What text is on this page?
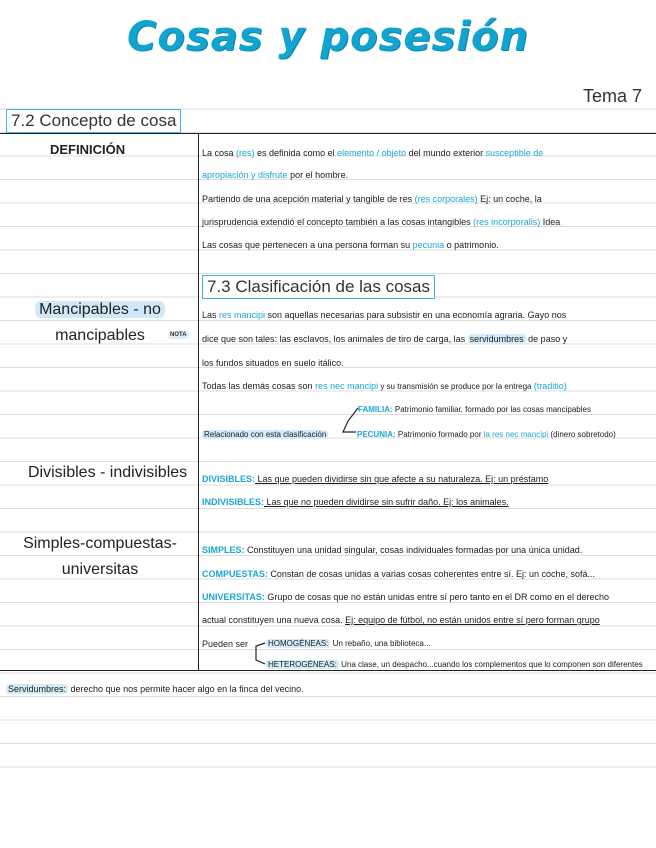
Cosas y posesión
Tema 7
7.2 Concepto de cosa
DEFINICIÓN	La cosa (res) es definida como el elemento / objeto del mundo exterior susceptible de
apropiación y disfrute por el hombre.
Partiendo de una acepción material y tangible de res (res corporales) Ej: un coche, la
jurisprudencia extendió el concepto también a las cosas intangibles (res incorporalis) Idea
Las cosas que pertenecen a una persona forman su pecunia o patrimonio.
7.3 Clasificación de las cosas
Mancipables - no
mancipables	NOTA
Las res mancipi son aquellas necesarias para subsistir en una economía agraria. Gayo nos
dice que son tales: las esclavos, los animales de tiro de carga, las servidumbres de paso y
los fundos situados en suelo itálico.
Todas las demás cosas son res nec mancipi y su transmisión se produce por la entrega (traditio)
FAMILIA: Patrimonio familiar, formado por las cosas mancipables
Relacionado con esta clasificación	PECUNIA: Patrimonio formado por la res nec mancipi (dinero sobretodo)
Divisibles - indivisibles DIVISIBLES: Las que pueden dividirse sin que afecte a su naturaleza. Ej: un préstamo
INDIVISIBLES: Las que no pueden dividirse sin sufrir daño. Ej: los animales.
Simples-compuestas-
universitas
SIMPLES: Constituyen una unidad singular, cosas individuales formadas por una única unidad.
COMPUESTAS: Constan de cosas unidas a varias cosas coherentes entre sí. Ej: un coche, sofá...
UNIVERSITAS: Grupo de cosas que no están unidas entre sí pero tanto en el DR como en el derecho
actual constituyen una nueva cosa. Ej: equipo de fútbol, no están unidos entre sí pero forman grupo
Pueden ser HOMOGÉNEAS: Un rebaño, una biblioteca...
HETEROGÉNEAS: Una clase, un despacho...cuando los complementos que lo componen son diferentes
Servidumbres: derecho que nos permite hacer algo en la finca del vecino.
